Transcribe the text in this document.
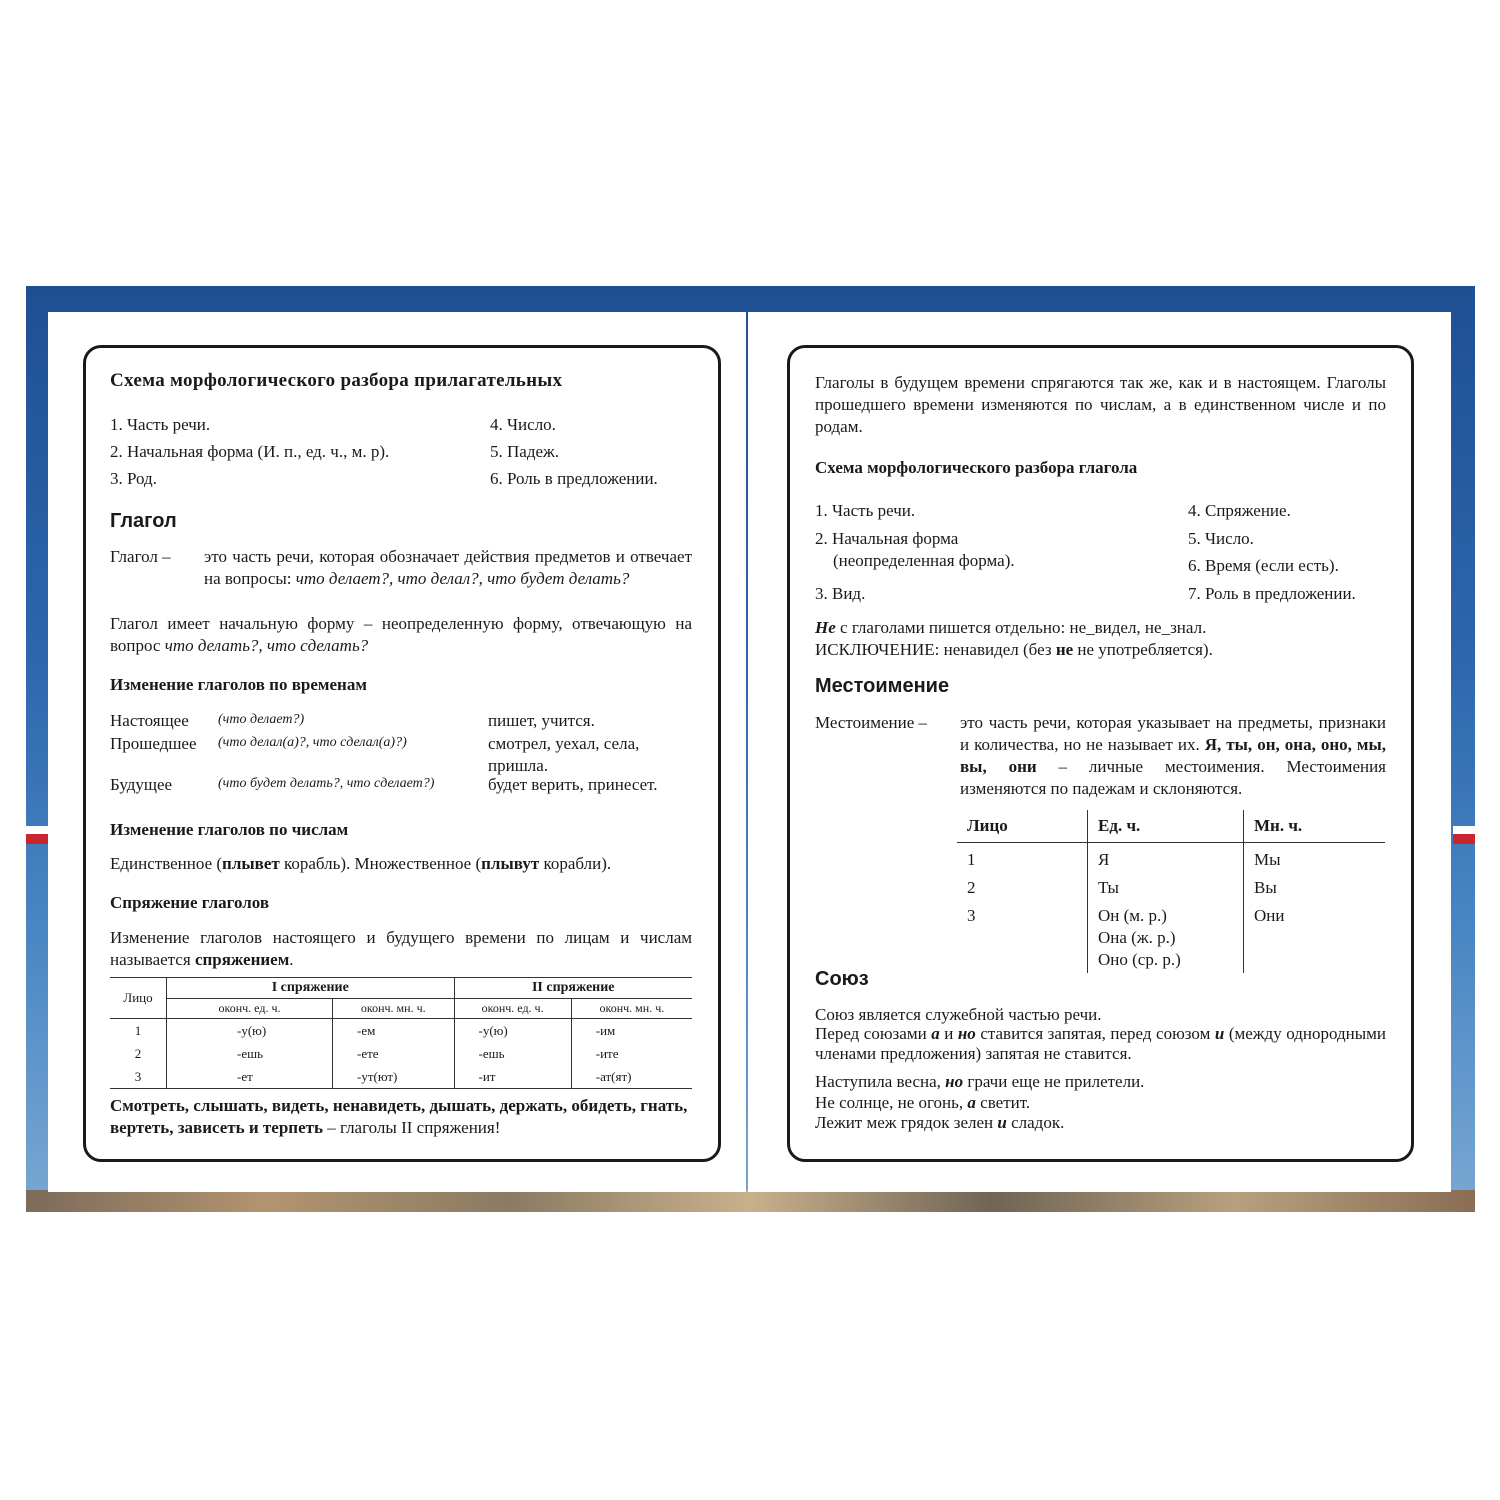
Схема морфологического разбора прилагательных
1. Часть речи.
2. Начальная форма (И. п., ед. ч., м. р).
3. Род.
4. Число.
5. Падеж.
6. Роль в предложении.
Глагол
Глагол – это часть речи, которая обозначает действия предметов и отвечает на вопросы: что делает?, что делал?, что будет делать?
Глагол имеет начальную форму – неопределенную форму, отвечающую на вопрос что делать?, что сделать?
Изменение глаголов по временам
Настоящее (что делает?)	пишет, учится.
Прошедшее (что делал(а)?, что сделал(а)?)	смотрел, уехал, села, пришла.
Будущее	(что будет делать?, что сделает?)	будет верить, принесет.
Изменение глаголов по числам
Единственное (плывет корабль). Множественное (плывут корабли).
Спряжение глаголов
Изменение глаголов настоящего и будущего времени по лицам и числам называется спряжением.
Лицо	I спряжение		II спряжение	
	оконч. ед. ч.	оконч. мн. ч.	оконч. ед. ч.	оконч. мн. ч.
1	-у(ю)	-ем	-у(ю)	-им
2	-ешь	-ете	-ешь	-ите
3	-ет	-ут(ют)	-ит	-ат(ят)
Смотреть, слышать, видеть, ненавидеть, дышать, держать, обидеть, гнать, вертеть, зависеть и терпеть – глаголы II спряжения!
Глаголы в будущем времени спрягаются так же, как и в настоящем. Глаголы прошедшего времени изменяются по числам, а в единственном числе и по родам.
Схема морфологического разбора глагола
1. Часть речи.
2. Начальная форма
(неопределенная форма).
3. Вид.
4. Спряжение.
5. Число.
6. Время (если есть).
7. Роль в предложении.
Не с глаголами пишется отдельно: не_видел, не_знал.
ИСКЛЮЧЕНИЕ: ненавидел (без не не употребляется).
Местоимение
Местоимение – это часть речи, которая указывает на предметы, признаки и количества, но не называет их. Я, ты, он, она, оно, мы, вы, они – личные местоимения. Местоимения изменяются по падежам и склоняются.
Лицо	Ед. ч.	Мн. ч.
1	Я	Мы
2	Ты	Вы
3	Он (м. р.)
Она (ж. р.)
Оно (ср. р.)	Они
Союз
Союз является служебной частью речи.
Перед союзами а и но ставится запятая, перед союзом и (между однородными членами предложения) запятая не ставится.
Наступила весна, но грачи еще не прилетели.
Не солнце, не огонь, а светит.
Лежит меж грядок зелен и сладок.
